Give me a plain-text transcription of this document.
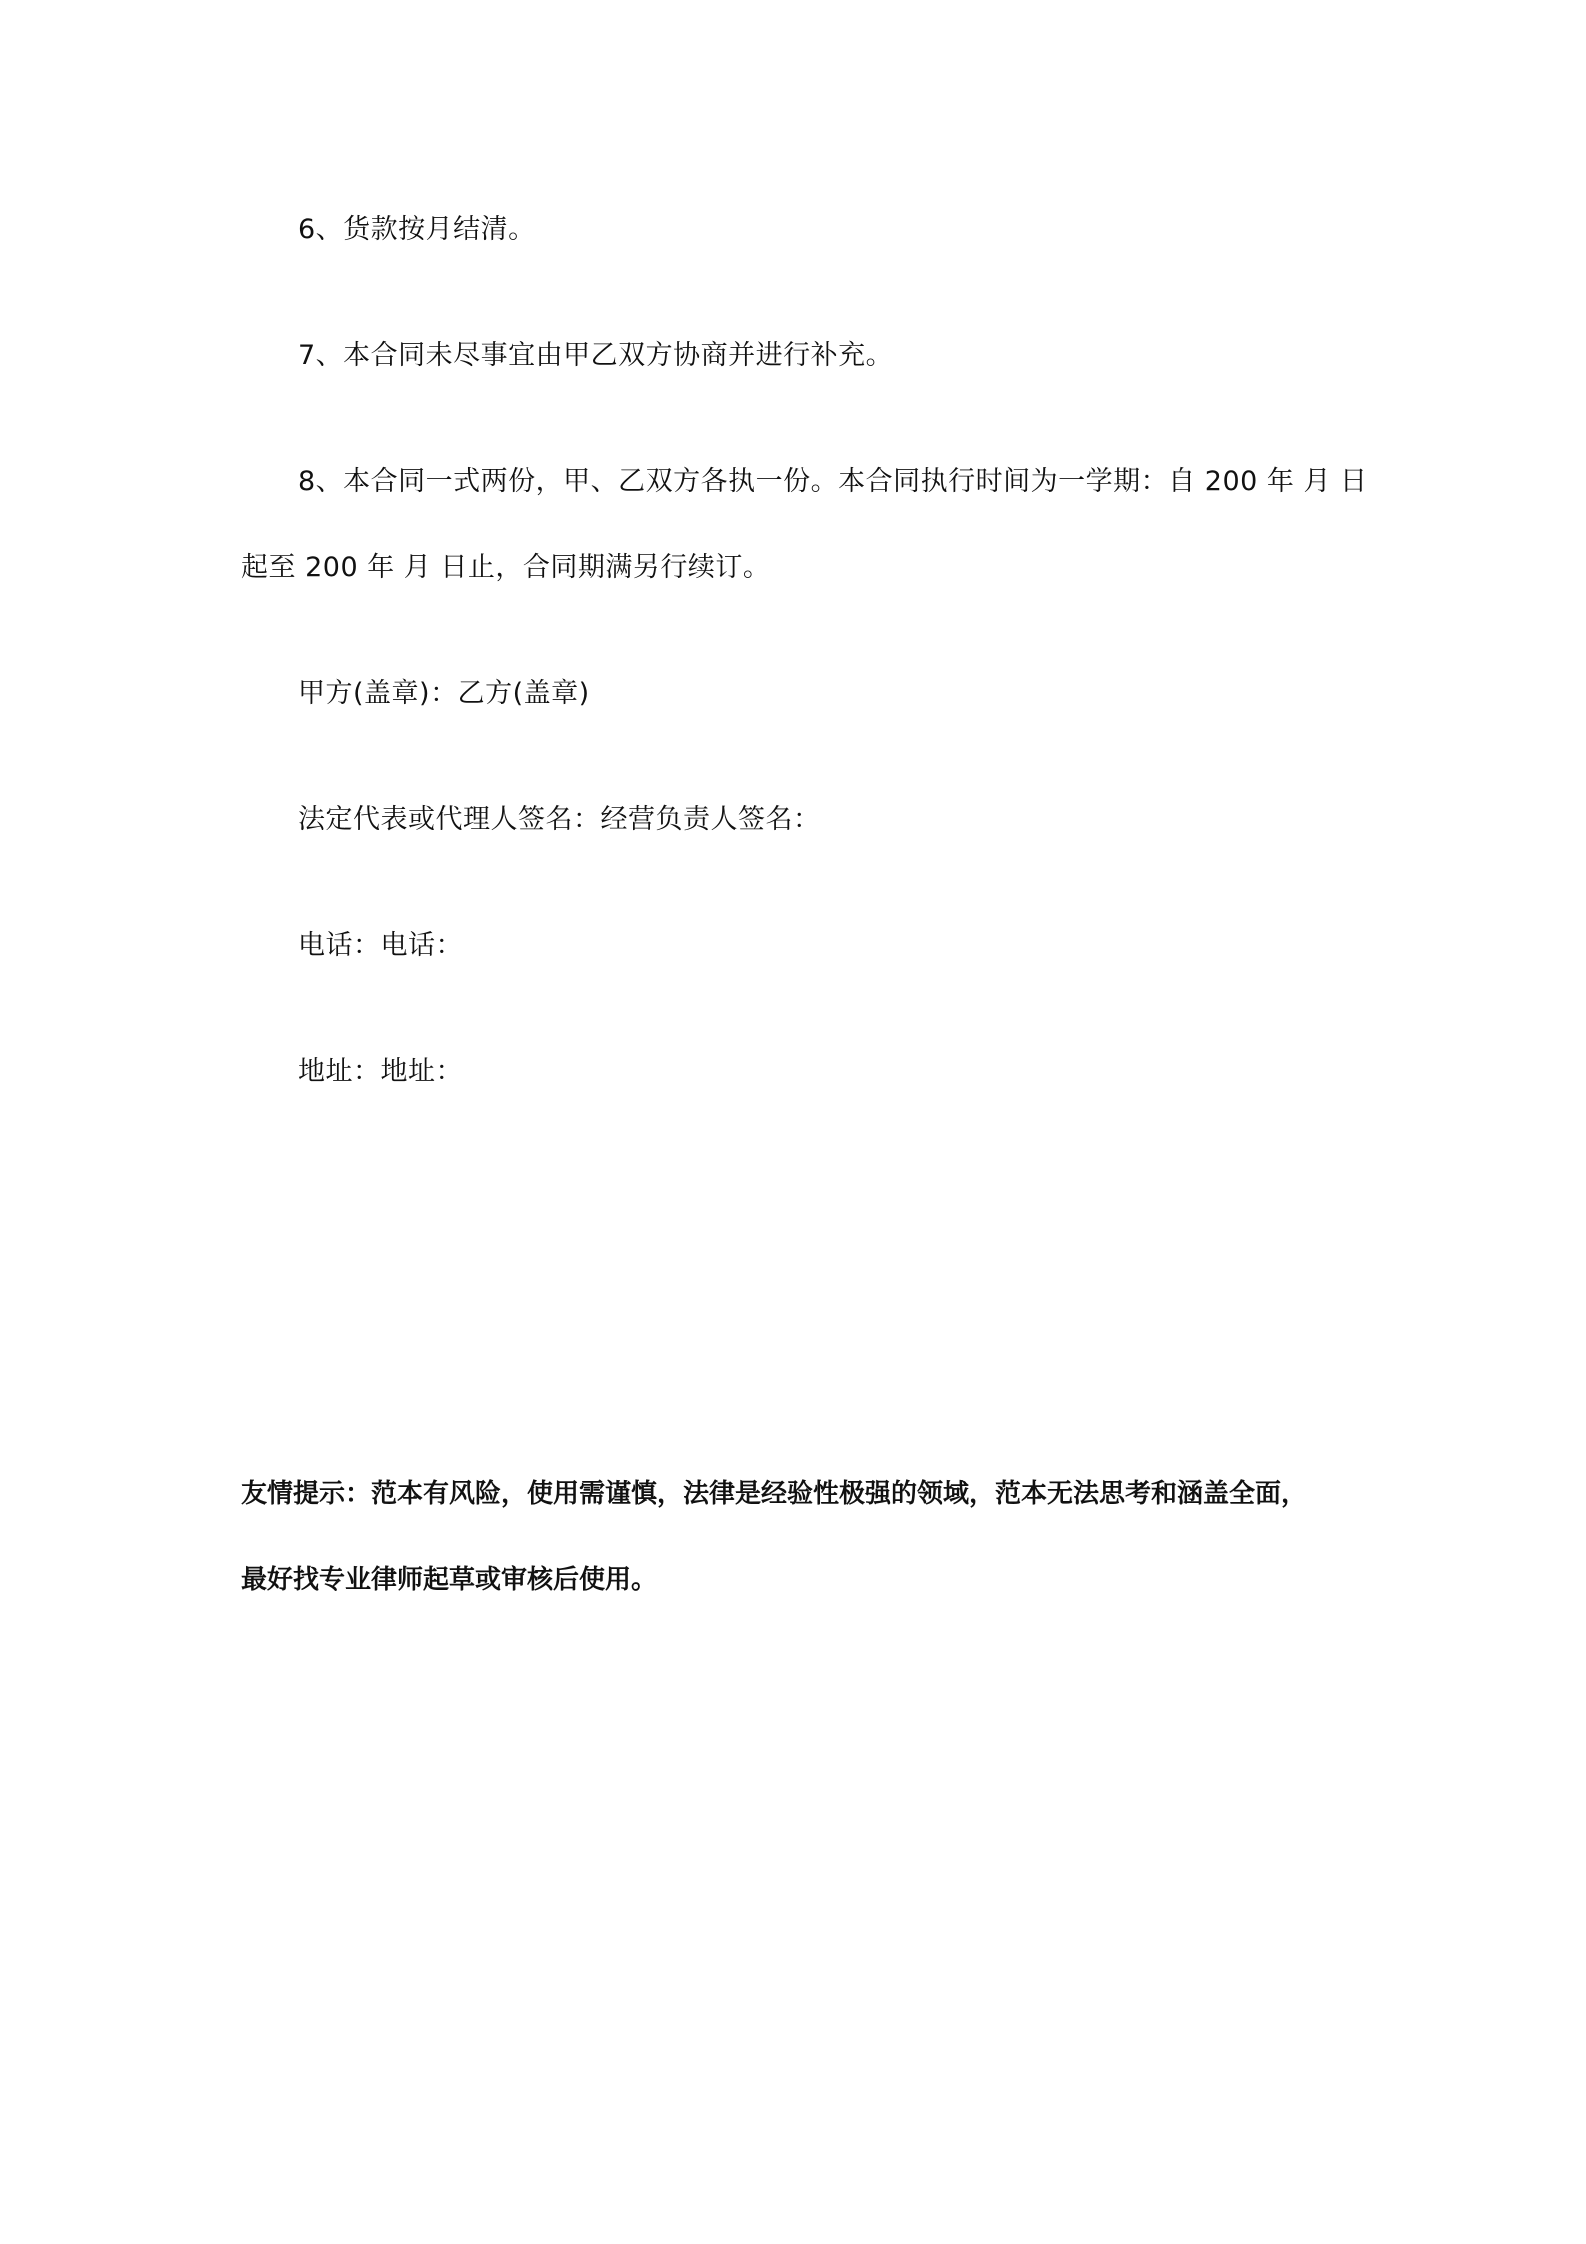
6、货款按月结清。
7、本合同未尽事宜由甲乙双方协商并进行补充。
8、本合同一式两份，甲、乙双方各执一份。本合同执行时间为一学期：自 200 年 月 日
起至 200 年 月 日止，合同期满另行续订。
甲方(盖章)：乙方(盖章)
法定代表或代理人签名：经营负责人签名：
电话：电话：
地址：地址：
友情提示：范本有风险，使用需谨慎，法律是经验性极强的领域，范本无法思考和涵盖全面，
最好找专业律师起草或审核后使用。
